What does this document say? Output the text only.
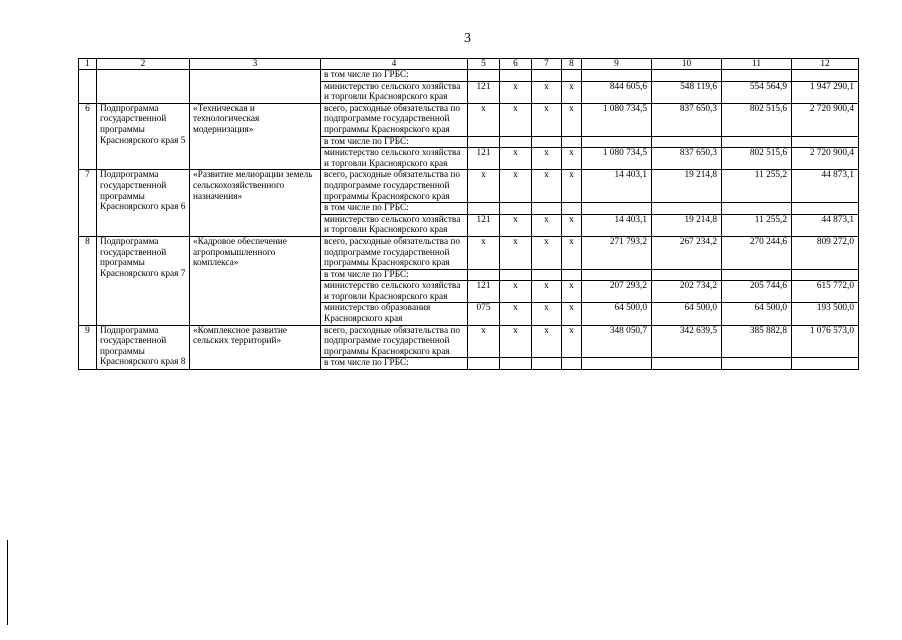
3
1	2	3	4	5	6	7	8	9	10	11	12
			в том числе по ГРБС:								
			министерство сельского хозяйства и торговли Красноярского края	121	х	х	х	844 605,6	548 119,6	554 564,9	1 947 290,1
6	Подпрограмма государственной программы Красноярского края 5	«Техническая и технологическая модернизация»	всего, расходные обязательства по подпрограмме государственной программы Красноярского края	х	х	х	х	1 080 734,5	837 650,3	802 515,6	2 720 900,4
			в том числе по ГРБС:								
			министерство сельского хозяйства и торговли Красноярского края	121	х	х	х	1 080 734,5	837 650,3	802 515,6	2 720 900,4
7	Подпрограмма государственной программы Красноярского края 6	«Развитие мелиорации земель сельскохозяйственного назначения»	всего, расходные обязательства по подпрограмме государственной программы Красноярского края	х	х	х	х	14 403,1	19 214,8	11 255,2	44 873,1
			в том числе по ГРБС:								
			министерство сельского хозяйства и торговли Красноярского края	121	х	х	х	14 403,1	19 214,8	11 255,2	44 873,1
8	Подпрограмма государственной программы Красноярского края 7	«Кадровое обеспечение агропромышленного комплекса»	всего, расходные обязательства по подпрограмме государственной программы Красноярского края	х	х	х	х	271 793,2	267 234,2	270 244,6	809 272,0
			в том числе по ГРБС:								
			министерство сельского хозяйства и торговли Красноярского края	121	х	х	х	207 293,2	202 734,2	205 744,6	615 772,0
			министерство образования Красноярского края	075	х	х	х	64 500,0	64 500,0	64 500,0	193 500,0
9	Подпрограмма государственной программы Красноярского края 8	«Комплексное развитие сельских территорий»	всего, расходные обязательства по подпрограмме государственной программы Красноярского края	х	х	х	х	348 050,7	342 639,5	385 882,8	1 076 573,0
			в том числе по ГРБС:								
